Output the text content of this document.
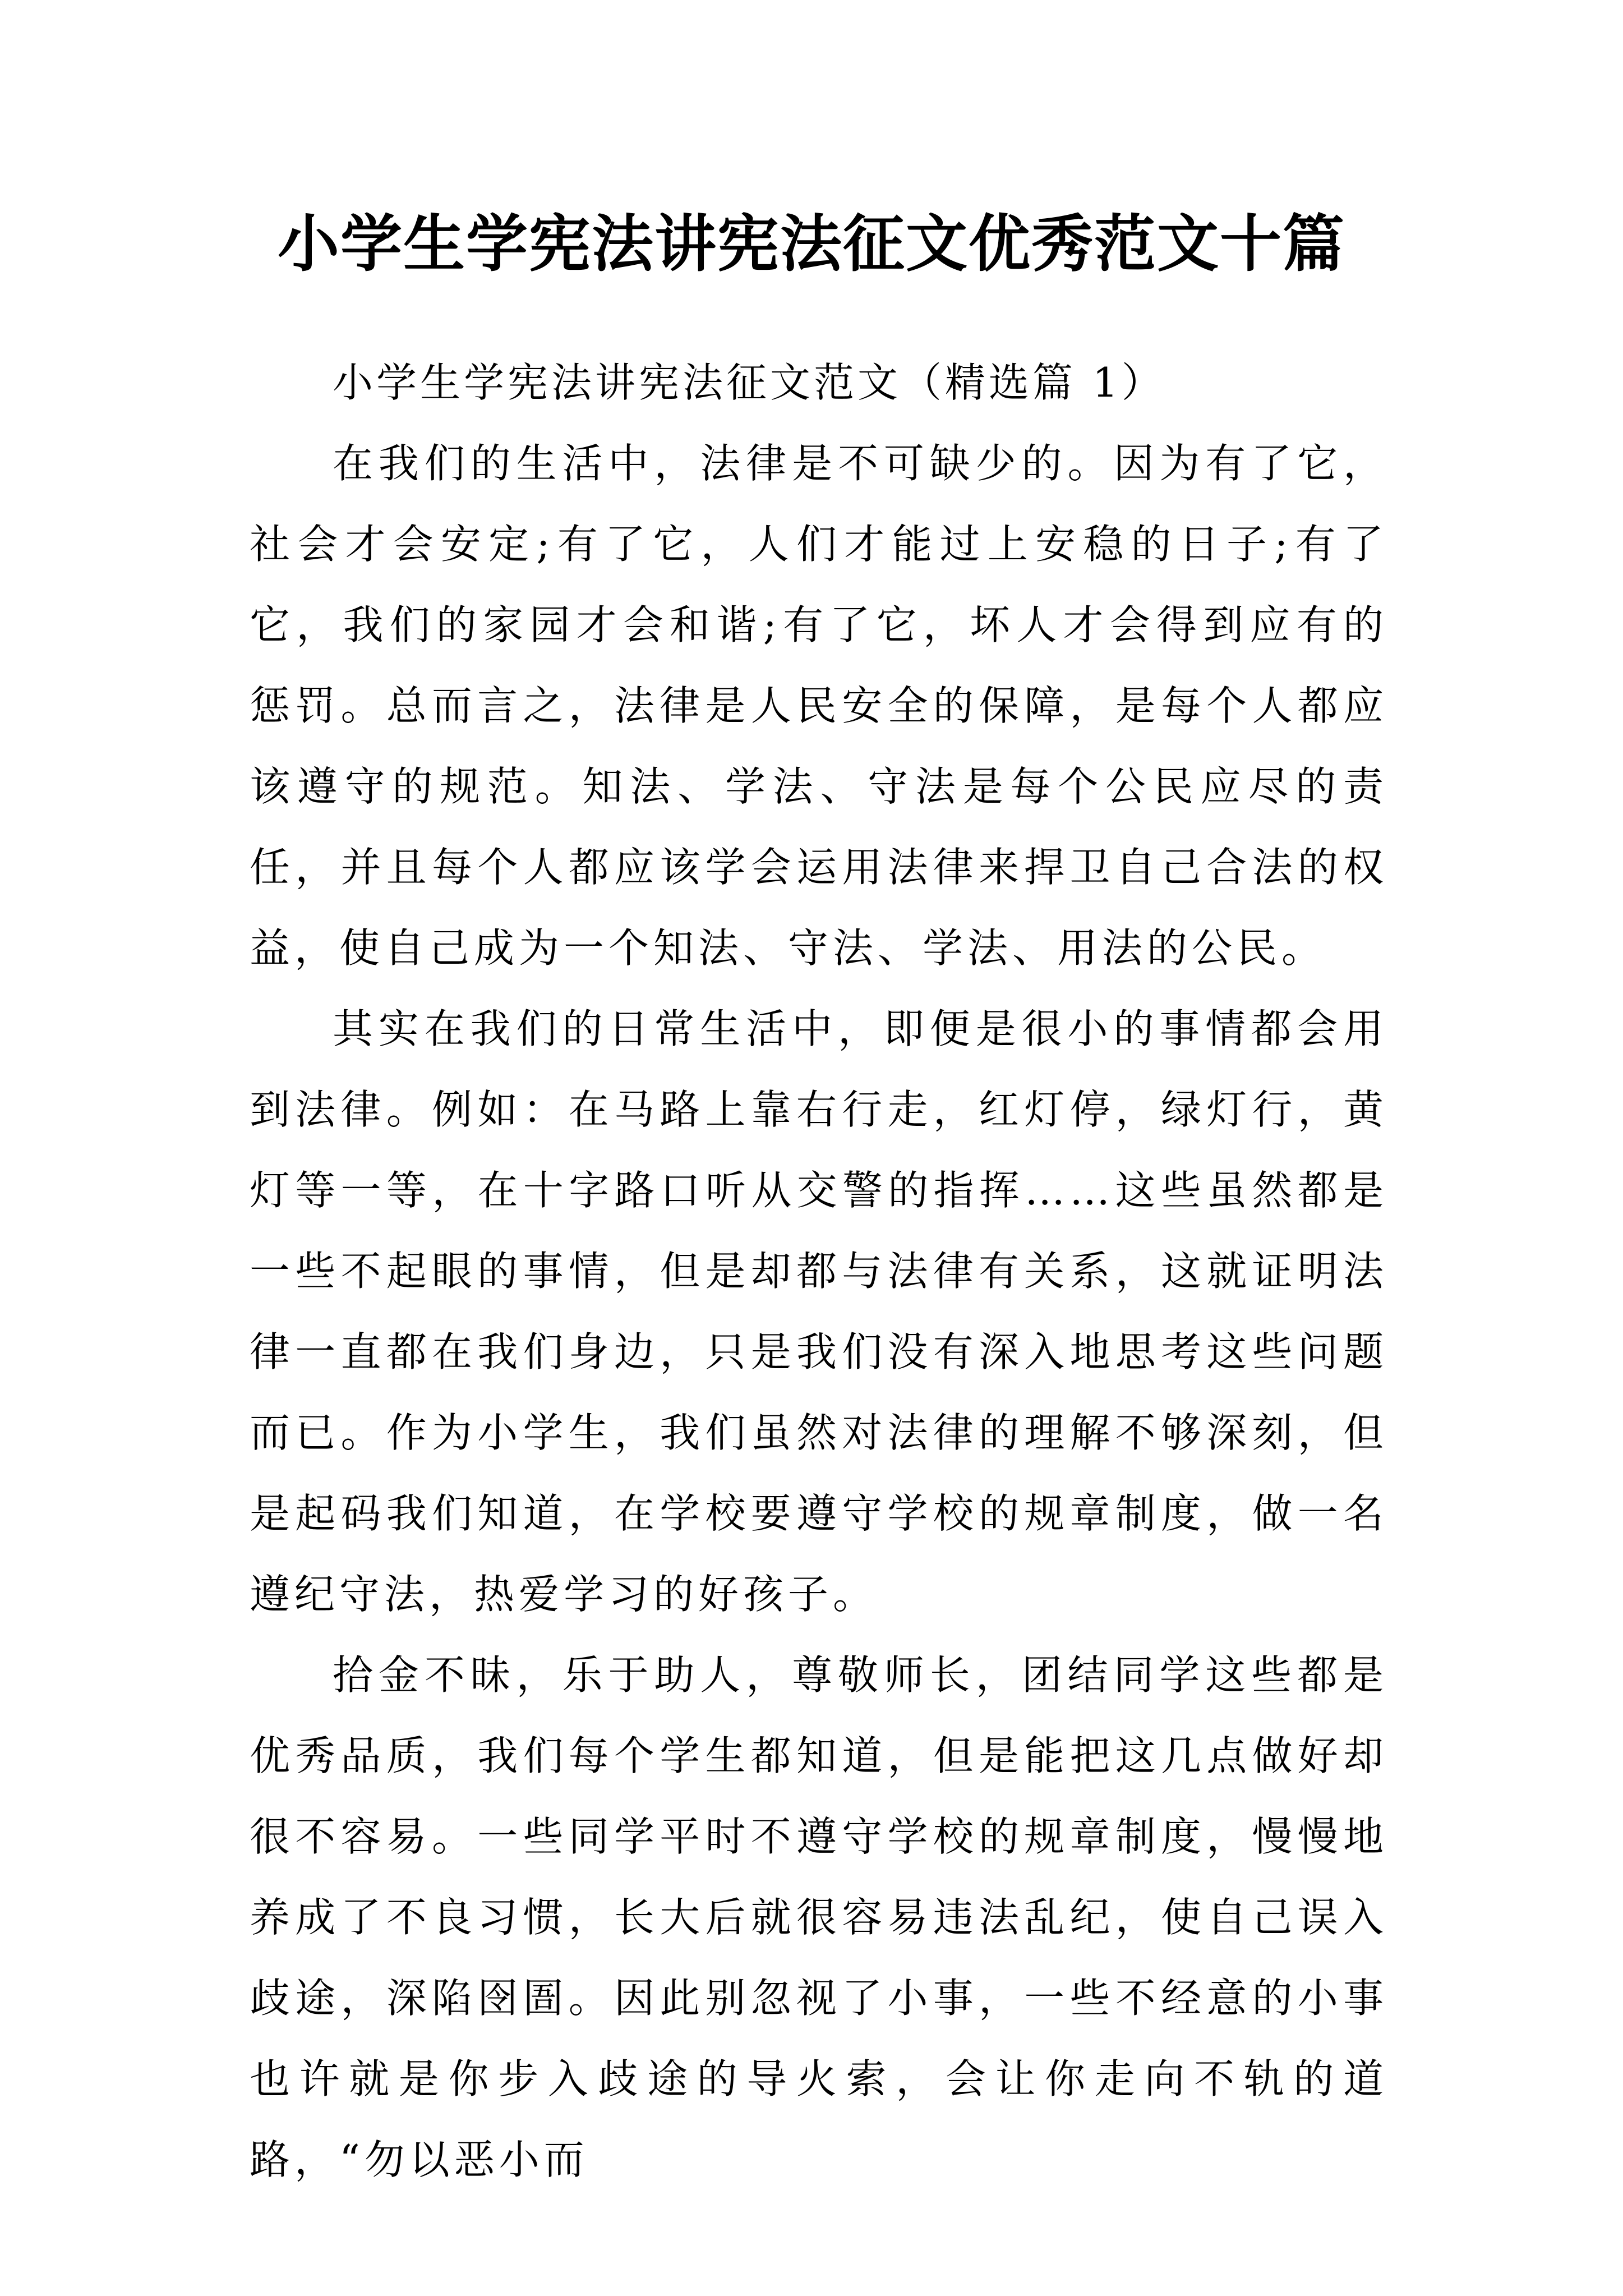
小学生学宪法讲宪法征文优秀范文十篇

小学生学宪法讲宪法征文范文（精选篇 1）

在我们的生活中，法律是不可缺少的。因为有了它，社会才会安定;有了它，人们才能过上安稳的日子;有了它，我们的家园才会和谐;有了它，坏人才会得到应有的惩罚。总而言之，法律是人民安全的保障，是每个人都应该遵守的规范。知法、学法、守法是每个公民应尽的责任，并且每个人都应该学会运用法律来捍卫自己合法的权益，使自己成为一个知法、守法、学法、用法的公民。

其实在我们的日常生活中，即便是很小的事情都会用到法律。例如：在马路上靠右行走，红灯停，绿灯行，黄灯等一等，在十字路口听从交警的指挥……这些虽然都是一些不起眼的事情，但是却都与法律有关系，这就证明法律一直都在我们身边，只是我们没有深入地思考这些问题而已。作为小学生，我们虽然对法律的理解不够深刻，但是起码我们知道，在学校要遵守学校的规章制度，做一名遵纪守法，热爱学习的好孩子。

拾金不昧，乐于助人，尊敬师长，团结同学这些都是优秀品质，我们每个学生都知道，但是能把这几点做好却很不容易。一些同学平时不遵守学校的规章制度，慢慢地养成了不良习惯，长大后就很容易违法乱纪，使自己误入歧途，深陷囹圄。因此别忽视了小事，一些不经意的小事也许就是你步入歧途的导火索，会让你走向不轨的道路，“勿以恶小而
